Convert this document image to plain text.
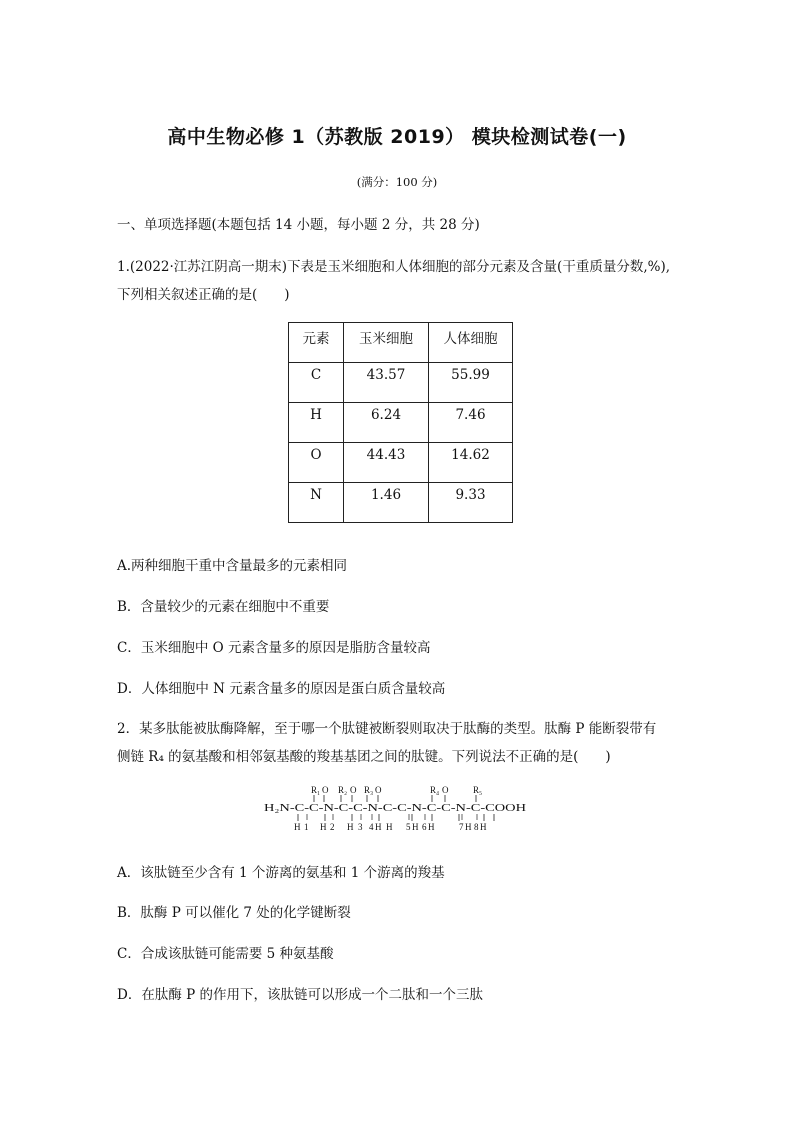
高中生物必修 1（苏教版 2019） 模块检测试卷(一)
(满分：100 分)
一、单项选择题(本题包括 14 小题，每小题 2 分，共 28 分)
1.(2022·江苏江阴高一期末)下表是玉米细胞和人体细胞的部分元素及含量(干重质量分数,%),
下列相关叙述正确的是(　　)
元素	玉米细胞	人体细胞
C	43.57	55.99
H	6.24	7.46
O	44.43	14.62
N	1.46	9.33
A.两种细胞干重中含量最多的元素相同
B．含量较少的元素在细胞中不重要
C．玉米细胞中 O 元素含量多的原因是脂肪含量较高
D．人体细胞中 N 元素含量多的原因是蛋白质含量较高
2．某多肽能被肽酶降解，至于哪一个肽键被断裂则取决于肽酶的类型。肽酶 P 能断裂带有
侧链 R₄ 的氨基酸和相邻氨基酸的羧基基团之间的肽键。下列说法不正确的是(　　)
R₁ R₂ R₃	R₄	R₅
O O O	O
H₂N-C-C-N-C-C-N-C-C-N-C-C-N-C-COOH
H H H H H H H	H H
1 2	3 4	5 6	7 8
A．该肽链至少含有 1 个游离的氨基和 1 个游离的羧基
B．肽酶 P 可以催化 7 处的化学键断裂
C．合成该肽链可能需要 5 种氨基酸
D．在肽酶 P 的作用下，该肽链可以形成一个二肽和一个三肽
